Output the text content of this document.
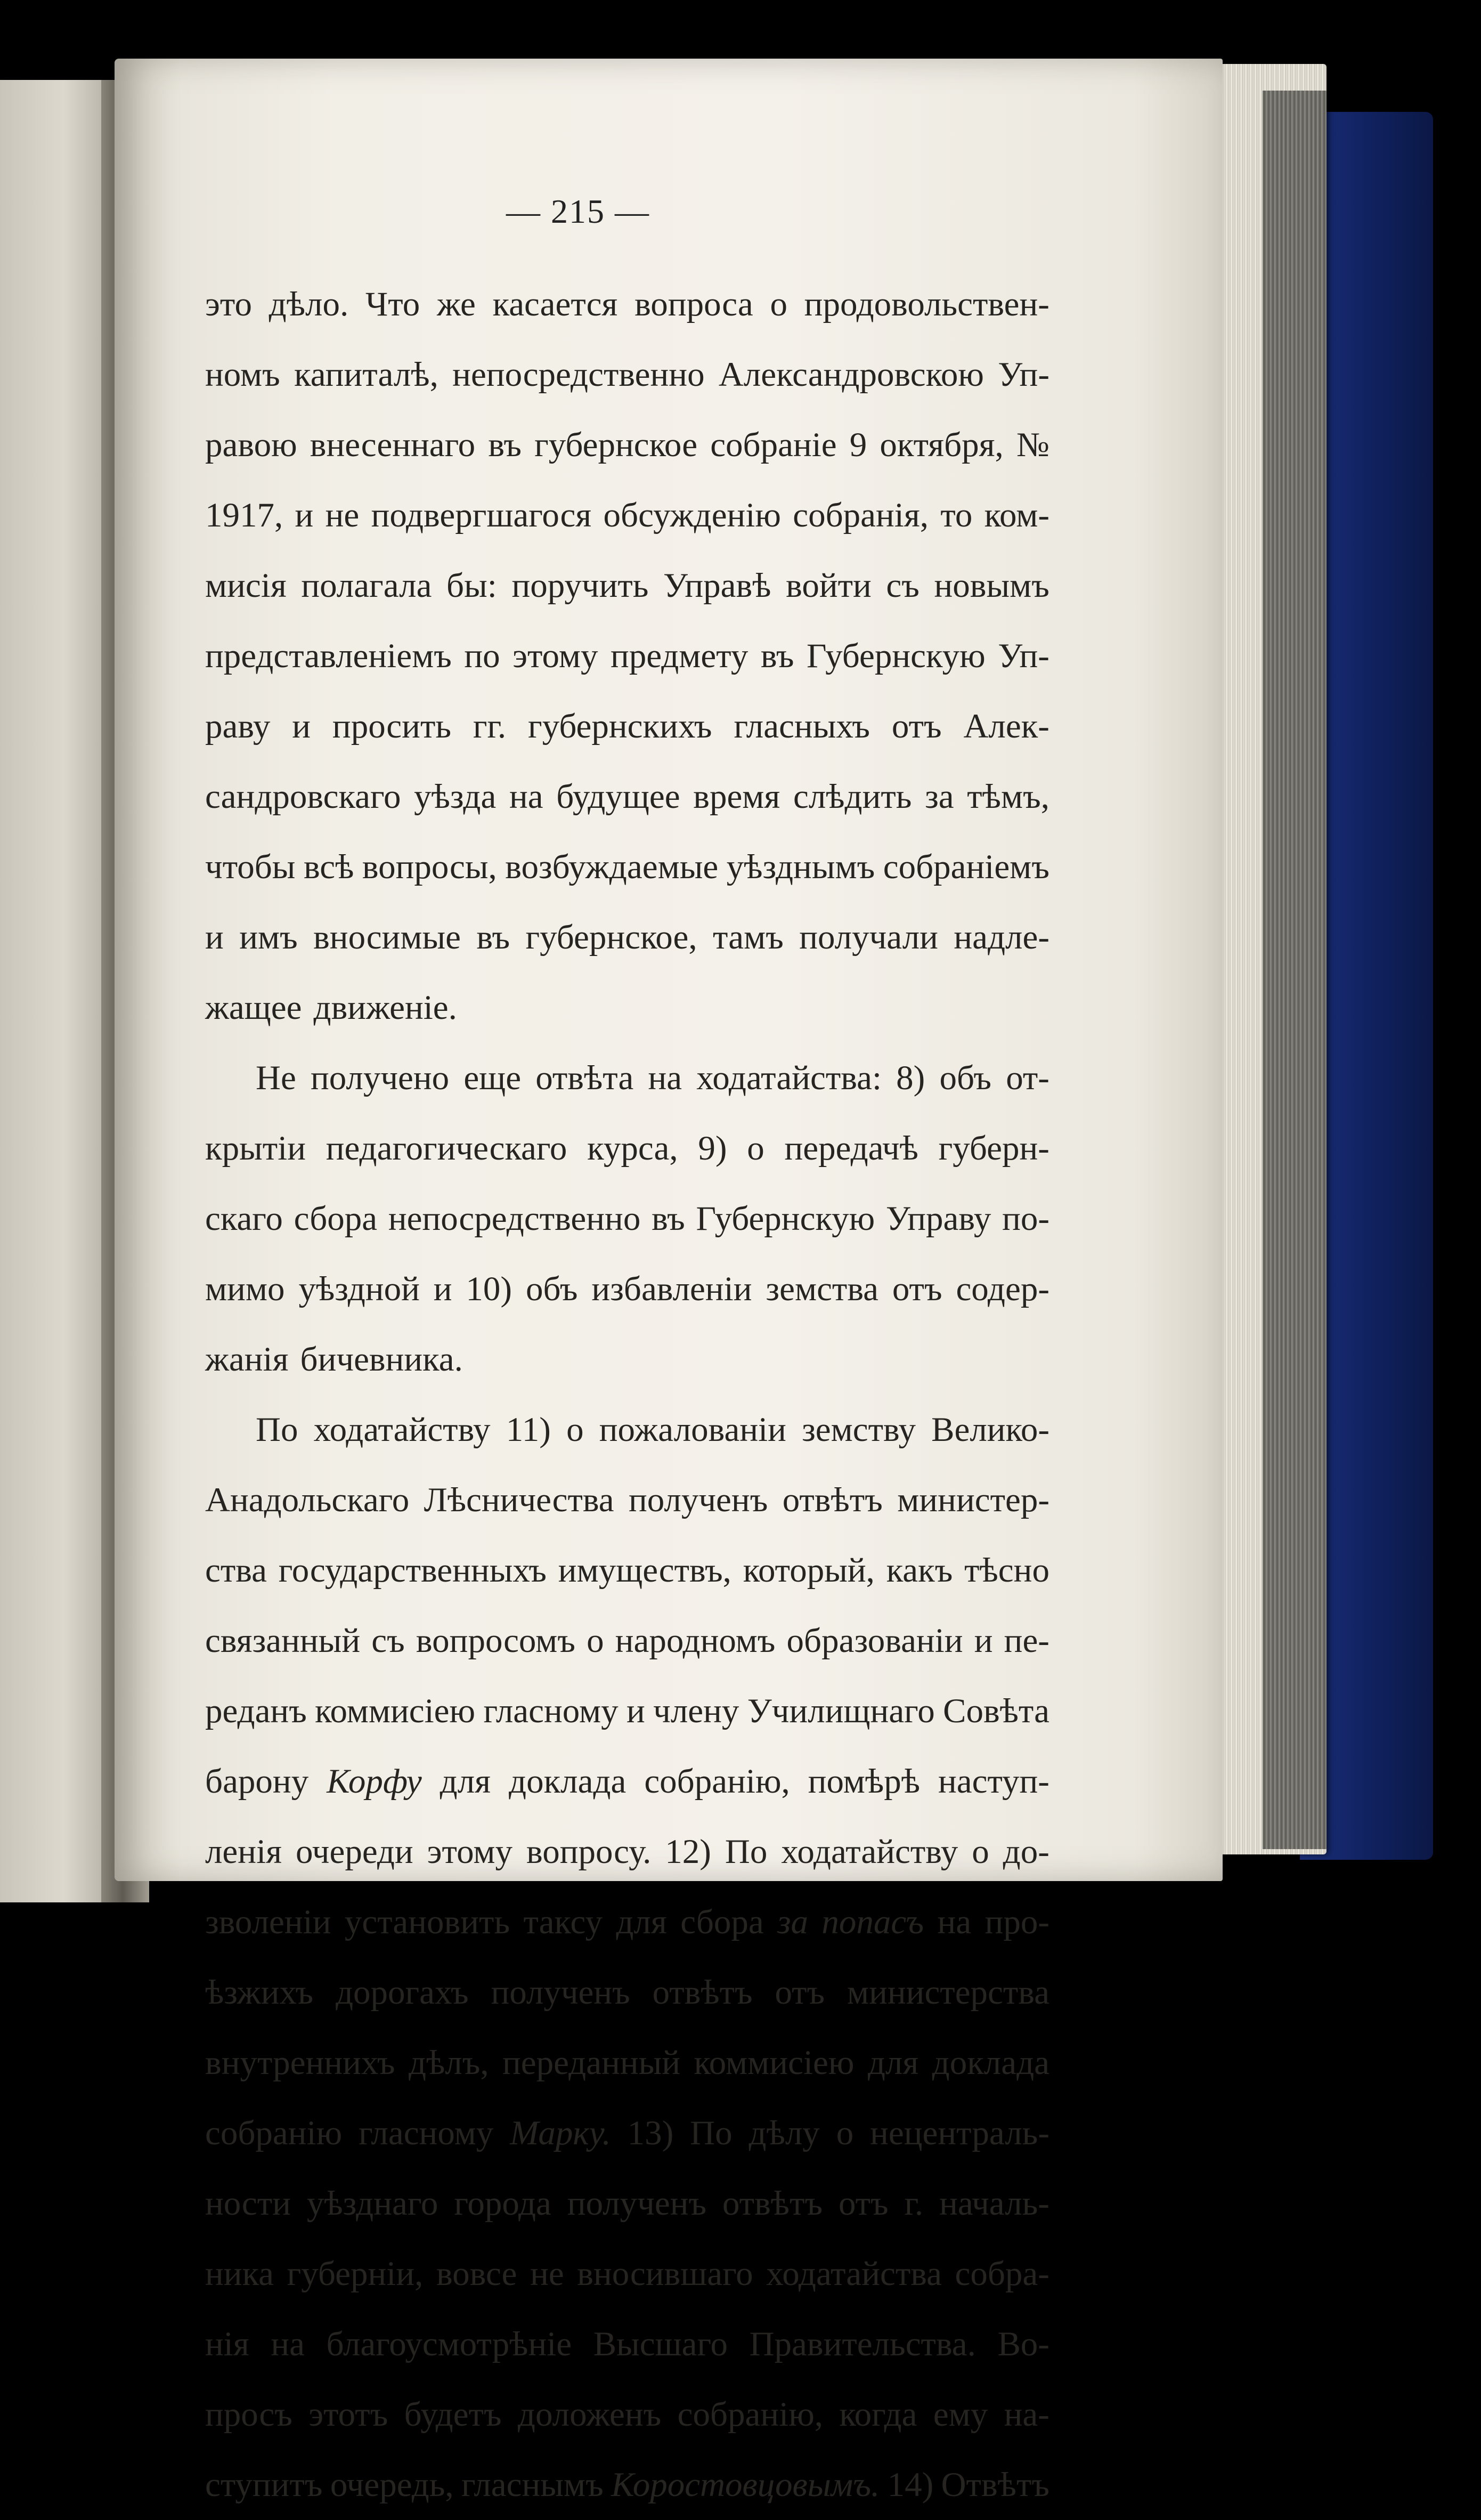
— 215 —
это дѣло. Что же касается вопроса о продовольствен-
номъ капиталѣ, непосредственно Александровскою Уп-
равою внесеннаго въ губернское собраніе 9 октября, №
1917, и не подвергшагося обсужденію собранія, то ком-
мисія полагала бы: поручить Управѣ войти съ новымъ
представленіемъ по этому предмету въ Губернскую Уп-
раву и просить гг. губернскихъ гласныхъ отъ Алек-
сандровскаго уѣзда на будущее время слѣдить за тѣмъ,
чтобы всѣ вопросы, возбуждаемые уѣзднымъ собраніемъ
и имъ вносимые въ губернское, тамъ получали надле-
жащее движеніе.
Не получено еще отвѣта на ходатайства: 8) объ от-
крытіи педагогическаго курса, 9) о передачѣ губерн-
скаго сбора непосредственно въ Губернскую Управу по-
мимо уѣздной и 10) объ избавленіи земства отъ содер-
жанія бичевника.
По ходатайству 11) о пожалованіи земству Велико-
Анадольскаго Лѣсничества полученъ отвѣтъ министер-
ства государственныхъ имуществъ, который, какъ тѣсно
связанный съ вопросомъ о народномъ образованіи и пе-
реданъ коммисіею гласному и члену Училищнаго Совѣта
барону Корфу для доклада собранію, помѣрѣ наступ-
ленія очереди этому вопросу. 12) По ходатайству о до-
зволеніи установить таксу для сбора за попасъ на про-
ѣзжихъ дорогахъ полученъ отвѣтъ отъ министерства
внутреннихъ дѣлъ, переданный коммисіею для доклада
собранію гласному Марку. 13) По дѣлу о нецентраль-
ности уѣзднаго города полученъ отвѣтъ отъ г. началь-
ника губерніи, вовсе не вносившаго ходатайства собра-
нія на благоусмотрѣніе Высшаго Правительства. Во-
просъ этотъ будетъ доложенъ собранію, когда ему на-
ступитъ очередь, гласнымъ Коростовцовымъ. 14) Отвѣтъ
